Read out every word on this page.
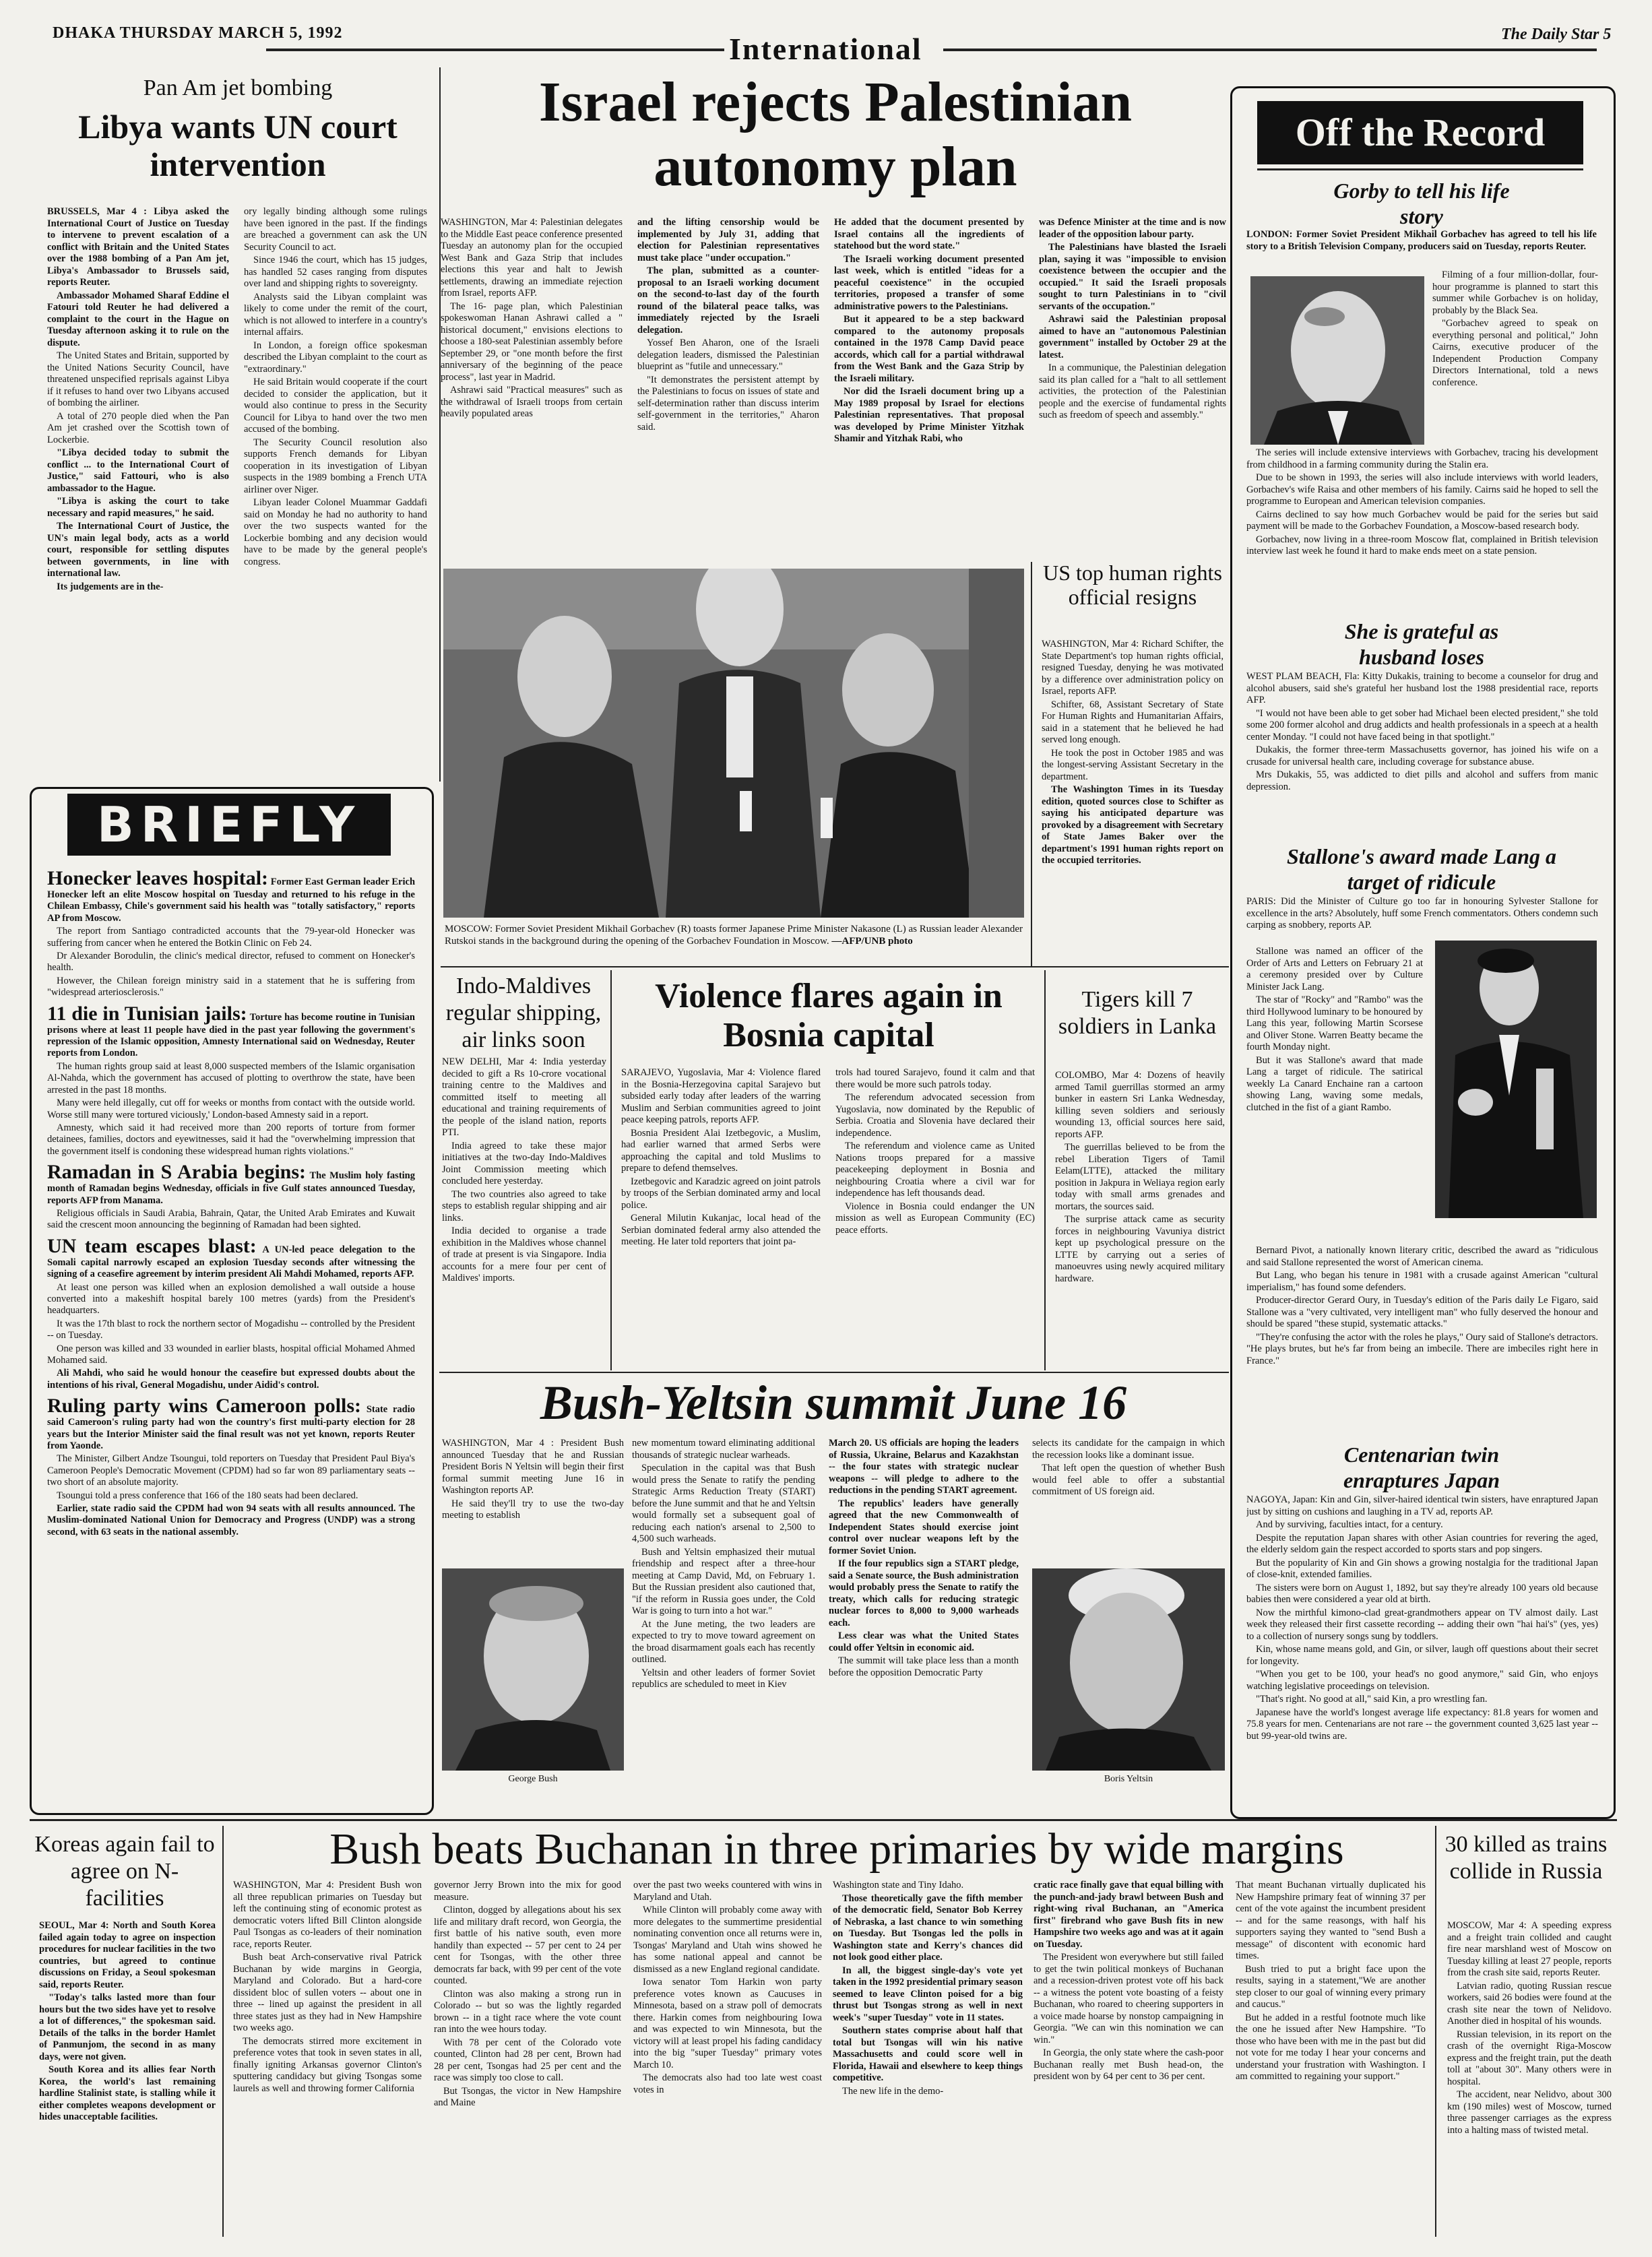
DHAKA THURSDAY MARCH 5, 1992	International	The Daily Star 5
Pan Am jet bombing
Libya wants UN court intervention

BRUSSELS, Mar 4 : Libya asked the International Court of Justice on Tuesday to intervene to prevent escalation of a conflict with Britain and the United States over the 1988 bombing of a Pan Am jet, Libya's Ambassador to Brussels said, reports Reuter.

Ambassador Mohamed Sharaf Eddine el Fatouri told Reuter he had delivered a complaint to the court in the Hague on Tuesday afternoon asking it to rule on the dispute.

The United States and Britain, supported by the United Nations Security Council, have threatened unspecified reprisals against Libya if it refuses to hand over two Libyans accused of bombing the airliner.

A total of 270 people died when the Pan Am jet crashed over the Scottish town of Lockerbie.

"Libya decided today to submit the conflict ... to the International Court of Justice," said Fattouri, who is also ambassador to the Hague.

"Libya is asking the court to take necessary and rapid measures," he said.

The International Court of Justice, the UN's main legal body, acts as a world court, responsible for settling disputes between governments, in line with international law.

Its judgements are in the-

ory legally binding although some rulings have been ignored in the past. If the findings are breached a government can ask the UN Security Council to act.

Since 1946 the court, which has 15 judges, has handled 52 cases ranging from disputes over land and shipping rights to sovereignty.

Analysts said the Libyan complaint was likely to come under the remit of the court, which is not allowed to interfere in a country's internal affairs.

In London, a foreign office spokesman described the Libyan complaint to the court as "extraordinary."

He said Britain would cooperate if the court decided to consider the application, but it would also continue to press in the Security Council for Libya to hand over the two men accused of the bombing.

The Security Council resolution also supports French demands for Libyan cooperation in its investigation of Libyan suspects in the 1989 bombing a French UTA airliner over Niger.

Libyan leader Colonel Muammar Gaddafi said on Monday he had no authority to hand over the two suspects wanted for the Lockerbie bombing and any decision would have to be made by the general people's congress.

Israel rejects Palestinian autonomy plan

WASHINGTON, Mar 4: Palestinian delegates to the Middle East peace conference presented Tuesday an autonomy plan for the occupied West Bank and Gaza Strip that includes elections this year and halt to Jewish settlements, drawing an immediate rejection from Israel, reports AFP.

The 16- page plan, which Palestinian spokeswoman Hanan Ashrawi called a " historical document," envisions elections to choose a 180-seat Palestinian assembly before September 29, or "one month before the first anniversary of the beginning of the peace process", last year in Madrid.

Ashrawi said "Practical measures" such as the withdrawal of Israeli troops from certain heavily populated areas

and the lifting censorship would be implemented by July 31, adding that election for Palestinian representatives must take place "under occupation."

The plan, submitted as a counter-proposal to an Israeli working document on the second-to-last day of the fourth round of the bilateral peace talks, was immediately rejected by the Israeli delegation.

Yossef Ben Aharon, one of the Israeli delegation leaders, dismissed the Palestinian blueprint as "futile and unnecessary."

"It demonstrates the persistent attempt by the Palestinians to focus on issues of state and self-determination rather than discuss interim self-government in the territories," Aharon said.

He added that the document presented by Israel contains all the ingredients of statehood but the word state."

The Israeli working document presented last week, which is entitled "ideas for a peaceful coexistence" in the occupied territories, proposed a transfer of some administrative powers to the Palestinians.

But it appeared to be a step backward compared to the autonomy proposals contained in the 1978 Camp David peace accords, which call for a partial withdrawal from the West Bank and the Gaza Strip by the Israeli military.

Nor did the Israeli document bring up a May 1989 proposal by Israel for elections Palestinian representatives. That proposal was developed by Prime Minister Yitzhak Shamir and Yitzhak Rabi, who

was Defence Minister at the time and is now leader of the opposition labour party.

The Palestinians have blasted the Israeli plan, saying it was "impossible to envision coexistence between the occupier and the occupied." It said the Israeli proposals sought to turn Palestinians in to "civil servants of the occupation."

Ashrawi said the Palestinian proposal aimed to have an "autonomous Palestinian government" installed by October 29 at the latest.

In a communique, the Palestinian delegation said its plan called for a "halt to all settlement activities, the protection of the Palestinian people and the exercise of fundamental rights such as freedom of speech and assembly."

MOSCOW: Former Soviet President Mikhail Gorbachev (R) toasts former Japanese Prime Minister Nakasone (L) as Russian leader Alexander Rutskoi stands in the background during the opening of the Gorbachev Foundation in Moscow. —AFP/UNB photo
US top human rights official resigns

WASHINGTON, Mar 4: Richard Schifter, the State Department's top human rights official, resigned Tuesday, denying he was motivated by a difference over administration policy on Israel, reports AFP.

Schifter, 68, Assistant Secretary of State For Human Rights and Humanitarian Affairs, said in a statement that he believed he had served long enough.

He took the post in October 1985 and was the longest-serving Assistant Secretary in the department.

The Washington Times in its Tuesday edition, quoted sources close to Schifter as saying his anticipated departure was provoked by a disagreement with Secretary of State James Baker over the department's 1991 human rights report on the occupied territories.

Off the Record
Gorby to tell his life story

LONDON: Former Soviet President Mikhail Gorbachev has agreed to tell his life story to a British Television Company, producers said on Tuesday, reports Reuter.

Filming of a four million-dollar, four-hour programme is planned to start this summer while Gorbachev is on holiday, probably by the Black Sea.

"Gorbachev agreed to speak on everything personal and political," John Cairns, executive producer of the Independent Production Company Directors International, told a news conference.

The series will include extensive interviews with Gorbachev, tracing his development from childhood in a farming community during the Stalin era.

Due to be shown in 1993, the series will also include interviews with world leaders, Gorbachev's wife Raisa and other members of his family. Cairns said he hoped to sell the programme to European and American television companies.

Cairns declined to say how much Gorbachev would be paid for the series but said payment will be made to the Gorbachev Foundation, a Moscow-based research body.

Gorbachev, now living in a three-room Moscow flat, complained in British television interview last week he found it hard to make ends meet on a state pension.

She is grateful as husband loses

WEST PLAM BEACH, Fla: Kitty Dukakis, training to become a counselor for drug and alcohol abusers, said she's grateful her husband lost the 1988 presidential race, reports AFP.

"I would not have been able to get sober had Michael been elected president," she told some 200 former alcohol and drug addicts and health professionals in a speech at a health center Monday. "I could not have faced being in that spotlight."

Dukakis, the former three-term Massachusetts governor, has joined his wife on a crusade for universal health care, including coverage for substance abuse.

Mrs Dukakis, 55, was addicted to diet pills and alcohol and suffers from manic depression.

Stallone's award made Lang a target of ridicule

PARIS: Did the Minister of Culture go too far in honouring Sylvester Stallone for excellence in the arts? Absolutely, huff some French commentators. Others condemn such carping as snobbery, reports AP.

Stallone was named an officer of the Order of Arts and Letters on February 21 at a ceremony presided over by Culture Minister Jack Lang.

The star of "Rocky" and "Rambo" was the third Hollywood luminary to be honoured by Lang this year, following Martin Scorsese and Oliver Stone. Warren Beatty became the fourth Monday night.

But it was Stallone's award that made Lang a target of ridicule. The satirical weekly La Canard Enchaine ran a cartoon showing Lang, waving some medals, clutched in the fist of a giant Rambo.

Bernard Pivot, a nationally known literary critic, described the award as "ridiculous and said Stallone represented the worst of American cinema.

But Lang, who began his tenure in 1981 with a crusade against American "cultural imperialism," has found some defenders.

Producer-director Gerard Oury, in Tuesday's edition of the Paris daily Le Figaro, said Stallone was a "very cultivated, very intelligent man" who fully deserved the honour and should be spared "these stupid, systematic attacks."

"They're confusing the actor with the roles he plays," Oury said of Stallone's detractors. "He plays brutes, but he's far from being an imbecile. There are imbeciles right here in France."

Centenarian twin enraptures Japan

NAGOYA, Japan: Kin and Gin, silver-haired identical twin sisters, have enraptured Japan just by sitting on cushions and laughing in a TV ad, reports AP.

And by surviving, faculties intact, for a century.

Despite the reputation Japan shares with other Asian countries for revering the aged, the elderly seldom gain the respect accorded to sports stars and pop singers.

But the popularity of Kin and Gin shows a growing nostalgia for the traditional Japan of close-knit, extended families.

The sisters were born on August 1, 1892, but say they're already 100 years old because babies then were considered a year old at birth.

Now the mirthful kimono-clad great-grandmothers appear on TV almost daily. Last week they released their first cassette recording -- adding their own "hai hai's" (yes, yes) to a collection of nursery songs sung by toddlers.

Kin, whose name means gold, and Gin, or silver, laugh off questions about their secret for longevity.

"When you get to be 100, your head's no good anymore," said Gin, who enjoys watching legislative proceedings on television.

"That's right. No good at all," said Kin, a pro wrestling fan.

Japanese have the world's longest average life expectancy: 81.8 years for women and 75.8 years for men. Centenarians are not rare -- the government counted 3,625 last year -- but 99-year-old twins are.

BRIEFLY

Honecker leaves hospital: Former East German leader Erich Honecker left an elite Moscow hospital on Tuesday and returned to his refuge in the Chilean Embassy, Chile's government said his health was "totally satisfactory," reports AP from Moscow.

The report from Santiago contradicted accounts that the 79-year-old Honecker was suffering from cancer when he entered the Botkin Clinic on Feb 24.

Dr Alexander Borodulin, the clinic's medical director, refused to comment on Honecker's health.

However, the Chilean foreign ministry said in a statement that he is suffering from "widespread arteriosclerosis."

11 die in Tunisian jails: Torture has become routine in Tunisian prisons where at least 11 people have died in the past year following the government's repression of the Islamic opposition, Amnesty International said on Wednesday, Reuter reports from London.

The human rights group said at least 8,000 suspected members of the Islamic organisation Al-Nahda, which the government has accused of plotting to overthrow the state, have been arrested in the past 18 months.

Many were held illegally, cut off for weeks or months from contact with the outside world. Worse still many were tortured viciously,' London-based Amnesty said in a report.

Amnesty, which said it had received more than 200 reports of torture from former detainees, families, doctors and eyewitnesses, said it had the "overwhelming impression that the government itself is condoning these widespread human rights violations."

Ramadan in S Arabia begins: The Muslim holy fasting month of Ramadan begins Wednesday, officials in five Gulf states announced Tuesday, reports AFP from Manama.

Religious officials in Saudi Arabia, Bahrain, Qatar, the United Arab Emirates and Kuwait said the crescent moon announcing the beginning of Ramadan had been sighted.

UN team escapes blast: A UN-led peace delegation to the Somali capital narrowly escaped an explosion Tuesday seconds after witnessing the signing of a ceasefire agreement by interim president Ali Mahdi Mohamed, reports AFP.

At least one person was killed when an explosion demolished a wall outside a house converted into a makeshift hospital barely 100 metres (yards) from the President's headquarters.

It was the 17th blast to rock the northern sector of Mogadishu -- controlled by the President -- on Tuesday.

One person was killed and 33 wounded in earlier blasts, hospital official Mohamed Ahmed Mohamed said.

Ali Mahdi, who said he would honour the ceasefire but expressed doubts about the intentions of his rival, General Mogadishu, under Aidid's control.

Ruling party wins Cameroon polls: State radio said Cameroon's ruling party had won the country's first multi-party election for 28 years but the Interior Minister said the final result was not yet known, reports Reuter from Yaonde.

The Minister, Gilbert Andze Tsoungui, told reporters on Tuesday that President Paul Biya's Cameroon People's Democratic Movement (CPDM) had so far won 89 parliamentary seats -- two short of an absolute majority.

Tsoungui told a press conference that 166 of the 180 seats had been declared.

Earlier, state radio said the CPDM had won 94 seats with all results announced. The Muslim-dominated National Union for Democracy and Progress (UNDP) was a strong second, with 63 seats in the national assembly.

Indo-Maldives regular shipping, air links soon

NEW DELHI, Mar 4: India yesterday decided to gift a Rs 10-crore vocational training centre to the Maldives and committed itself to meeting all educational and training requirements of the people of the island nation, reports PTI.

India agreed to take these major initiatives at the two-day Indo-Maldives Joint Commission meeting which concluded here yesterday.

The two countries also agreed to take steps to establish regular shipping and air links.

India decided to organise a trade exhibition in the Maldives whose channel of trade at present is via Singapore. India accounts for a mere four per cent of Maldives' imports.

Violence flares again in Bosnia capital

SARAJEVO, Yugoslavia, Mar 4: Violence flared in the Bosnia-Herzegovina capital Sarajevo but subsided early today after leaders of the warring Muslim and Serbian communities agreed to joint peace keeping patrols, reports AFP.

Bosnia President Alai Izetbegovic, a Muslim, had earlier warned that armed Serbs were approaching the capital and told Muslims to prepare to defend themselves.

Izetbegovic and Karadzic agreed on joint patrols by troops of the Serbian dominated army and local police.

General Milutin Kukanjac, local head of the Serbian dominated federal army also attended the meeting. He later told reporters that joint pa-

trols had toured Sarajevo, found it calm and that there would be more such patrols today.

The referendum advocated secession from Yugoslavia, now dominated by the Republic of Serbia. Croatia and Slovenia have declared their independence.

The referendum and violence came as United Nations troops prepared for a massive peacekeeping deployment in Bosnia and neighbouring Croatia where a civil war for independence has left thousands dead.

Violence in Bosnia could endanger the UN mission as well as European Community (EC) peace efforts.

Tigers kill 7 soldiers in Lanka

COLOMBO, Mar 4: Dozens of heavily armed Tamil guerrillas stormed an army bunker in eastern Sri Lanka Wednesday, killing seven soldiers and seriously wounding 13, official sources here said, reports AFP.

The guerrillas believed to be from the rebel Liberation Tigers of Tamil Eelam(LTTE), attacked the military position in Jakpura in Weliaya region early today with small arms grenades and mortars, the sources said.

The surprise attack came as security forces in neighbouring Vavuniya district kept up psychological pressure on the LTTE by carrying out a series of manoeuvres using newly acquired military hardware.

Bush-Yeltsin summit June 16

WASHINGTON, Mar 4 : President Bush announced Tuesday that he and Russian President Boris N Yeltsin will begin their first formal summit meeting June 16 in Washington reports AP.

He said they'll try to use the two-day meeting to establish

George Bush

new momentum toward eliminating additional thousands of strategic nuclear warheads.

Speculation in the capital was that Bush would press the Senate to ratify the pending Strategic Arms Reduction Treaty (START) before the June summit and that he and Yeltsin would formally set a subsequent goal of reducing each nation's arsenal to 2,500 to 4,500 such warheads.

Bush and Yeltsin emphasized their mutual friendship and respect after a three-hour meeting at Camp David, Md, on February 1. But the Russian president also cautioned that, "if the reform in Russia goes under, the Cold War is going to turn into a hot war."

At the June meting, the two leaders are expected to try to move toward agreement on the broad disarmament goals each has recently outlined.

Yeltsin and other leaders of former Soviet republics are scheduled to meet in Kiev

March 20. US officials are hoping the leaders of Russia, Ukraine, Belarus and Kazakhstan -- the four states with strategic nuclear weapons -- will pledge to adhere to the reductions in the pending START agreement.

The republics' leaders have generally agreed that the new Commonwealth of Independent States should exercise joint control over nuclear weapons left by the former Soviet Union.

If the four republics sign a START pledge, said a Senate source, the Bush administration would probably press the Senate to ratify the treaty, which calls for reducing strategic nuclear forces to 8,000 to 9,000 warheads each.

Less clear was what the United States could offer Yeltsin in economic aid.

The summit will take place less than a month before the opposition Democratic Party

selects its candidate for the campaign in which the recession looks like a dominant issue.

That left open the question of whether Bush would feel able to offer a substantial commitment of US foreign aid.

Boris Yeltsin
Koreas again fail to agree on N-facilities

SEOUL, Mar 4: North and South Korea failed again today to agree on inspection procedures for nuclear facilities in the two countries, but agreed to continue discussions on Friday, a Seoul spokesman said, reports Reuter.

"Today's talks lasted more than four hours but the two sides have yet to resolve a lot of differences," the spokesman said. Details of the talks in the border Hamlet of Panmunjom, the second in as many days, were not given.

South Korea and its allies fear North Korea, the world's last remaining hardline Stalinist state, is stalling while it either completes weapons development or hides unacceptable facilities.

Bush beats Buchanan in three primaries by wide margins

WASHINGTON, Mar 4: President Bush won all three republican primaries on Tuesday but left the continuing sting of economic protest as democratic voters lifted Bill Clinton alongside Paul Tsongas as co-leaders of their nomination race, reports Reuter.

Bush beat Arch-conservative rival Patrick Buchanan by wide margins in Georgia, Maryland and Colorado. But a hard-core dissident bloc of sullen voters -- about one in three -- lined up against the president in all three states just as they had in New Hampshire two weeks ago.

The democrats stirred more excitement in preference votes that took in seven states in all, finally igniting Arkansas governor Clinton's sputtering candidacy but giving Tsongas some laurels as well and throwing former California

governor Jerry Brown into the mix for good measure.

Clinton, dogged by allegations about his sex life and military draft record, won Georgia, the first battle of his native south, even more handily than expected -- 57 per cent to 24 per cent for Tsongas, with the other three democrats far back, with 99 per cent of the vote counted.

Clinton was also making a strong run in Colorado -- but so was the lightly regarded brown -- in a tight race where the vote count ran into the wee hours today.

With 78 per cent of the Colorado vote counted, Clinton had 28 per cent, Brown had 28 per cent, Tsongas had 25 per cent and the race was simply too close to call.

But Tsongas, the victor in New Hampshire and Maine

over the past two weeks countered with wins in Maryland and Utah.

While Clinton will probably come away with more delegates to the summertime presidential nominating convention once all returns were in, Tsongas' Maryland and Utah wins showed he has some national appeal and cannot be dismissed as a new England regional candidate.

Iowa senator Tom Harkin won party preference votes known as Caucuses in Minnesota, based on a straw poll of democrats there. Harkin comes from neighbouring Iowa and was expected to win Minnesota, but the victory will at least propel his fading candidacy into the big "super Tuesday" primary votes March 10.

The democrats also had too late west coast votes in

Washington state and Tiny Idaho.

Those theoretically gave the fifth member of the democratic field, Senator Bob Kerrey of Nebraska, a last chance to win something on Tuesday. But Tsongas led the polls in Washington state and Kerry's chances did not look good either place.

In all, the biggest single-day's vote yet taken in the 1992 presidential primary season seemed to leave Clinton poised for a big thrust but Tsongas strong as well in next week's "super Tuesday" vote in 11 states.

Southern states comprise about half that total but Tsongas will win his native Massachusetts and could score well in Florida, Hawaii and elsewhere to keep things competitive.

The new life in the demo-

cratic race finally gave that equal billing with the punch-and-jady brawl between Bush and right-wing rival Buchanan, an "America first" firebrand who gave Bush fits in new Hampshire two weeks ago and was at it again on Tuesday.

The President won everywhere but still failed to get the twin political monkeys of Buchanan and a recession-driven protest vote off his back -- a witness the potent vote boasting of a feisty Buchanan, who roared to cheering supporters in a voice made hoarse by nonstop campaigning in Georgia. "We can win this nomination we can win."

In Georgia, the only state where the cash-poor Buchanan really met Bush head-on, the president won by 64 per cent to 36 per cent.

That meant Buchanan virtually duplicated his New Hampshire primary feat of winning 37 per cent of the vote against the incumbent president -- and for the same reasongs, with half his supporters saying they wanted to "send Bush a message" of discontent with economic hard times.

Bush tried to put a bright face upon the results, saying in a statement,"We are another step closer to our goal of winning every primary and caucus."

But he added in a restful footnote much like the one he issued after New Hampshire. "To those who have been with me in the past but did not vote for me today I hear your concerns and understand your frustration with Washington. I am committed to regaining your support."

30 killed as trains collide in Russia

MOSCOW, Mar 4: A speeding express and a freight train collided and caught fire near marshland west of Moscow on Tuesday killing at least 27 people, reports from the crash site said, reports Reuter.

Latvian radio, quoting Russian rescue workers, said 26 bodies were found at the crash site near the town of Nelidovo. Another died in hospital of his wounds.

Russian television, in its report on the crash of the overnight Riga-Moscow express and the freight train, put the death toll at "about 30". Many others were in hospital.

The accident, near Nelidvo, about 300 km (190 miles) west of Moscow, turned three passenger carriages as the express into a halting mass of twisted metal.
